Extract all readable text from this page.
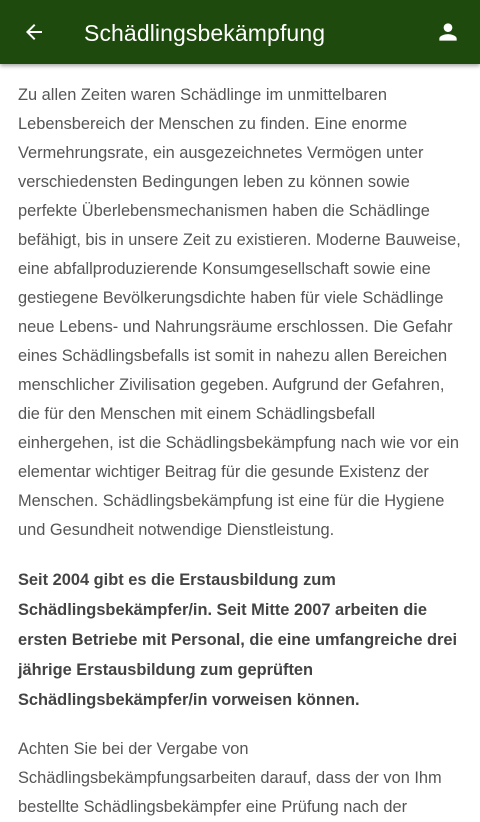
Schädlingsbekämpfung

Zu allen Zeiten waren Schädlinge im unmittelbaren Lebensbereich der Menschen zu finden. Eine enorme Vermehrungsrate, ein ausgezeichnetes Vermögen unter verschiedensten Bedingungen leben zu können sowie perfekte Überlebensmechanismen haben die Schädlinge befähigt, bis in unsere Zeit zu existieren. Moderne Bauweise, eine abfallproduzierende Konsumgesellschaft sowie eine gestiegene Bevölkerungsdichte haben für viele Schädlinge neue Lebens- und Nahrungsräume erschlossen. Die Gefahr eines Schädlingsbefalls ist somit in nahezu allen Bereichen menschlicher Zivilisation gegeben. Aufgrund der Gefahren, die für den Menschen mit einem Schädlingsbefall einhergehen, ist die Schädlingsbekämpfung nach wie vor ein elementar wichtiger Beitrag für die gesunde Existenz der Menschen. Schädlingsbekämpfung ist eine für die Hygiene und Gesundheit notwendige Dienstleistung.

Seit 2004 gibt es die Erstausbildung zum Schädlingsbekämpfer/in. Seit Mitte 2007 arbeiten die ersten Betriebe mit Personal, die eine umfangreiche drei jährige Erstausbildung zum geprüften Schädlingsbekämpfer/in vorweisen können.

Achten Sie bei der Vergabe von Schädlingsbekämpfungsarbeiten darauf, dass der von Ihm bestellte Schädlingsbekämpfer eine Prüfung nach der
